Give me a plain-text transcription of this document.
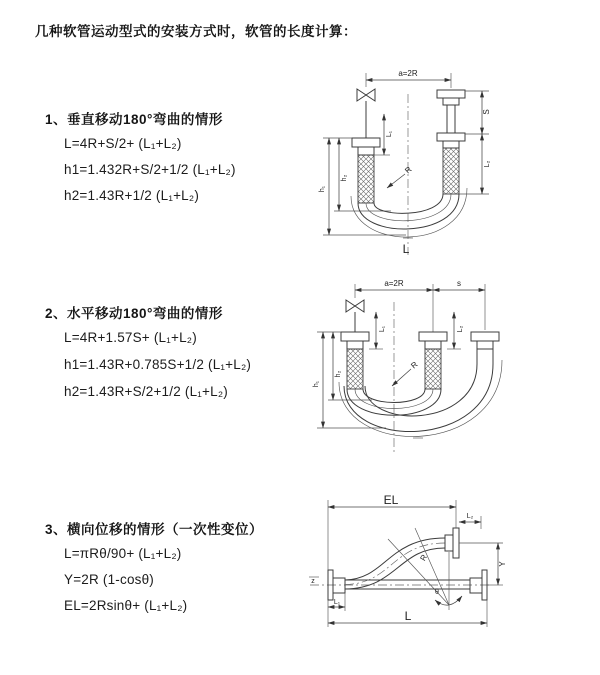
几种软管运动型式的安装方式时，软管的长度计算：
1、垂直移动180°弯曲的情形
L=4R+S/2+ (L₁+L₂)
h1=1.432R+S/2+1/2 (L₁+L₂)
h2=1.43R+1/2 (L₁+L₂)
2、水平移动180°弯曲的情形
L=4R+1.57S+ (L₁+L₂)
h1=1.43R+0.785S+1/2 (L₁+L₂)
h2=1.43R+S/2+1/2 (L₁+L₂)
3、横向位移的情形（一次性变位）
L=πRθ/90+ (L₁+L₂)
Y=2R (1-cosθ)
EL=2Rsinθ+ (L₁+L₂)
a=2R
L₁
S
L₂
h₁
h₂
R
L
a=2R	s
L₁	L₂
h₁
h₂
R
z
EL
L₂
Y
R
θ
L₁
L
